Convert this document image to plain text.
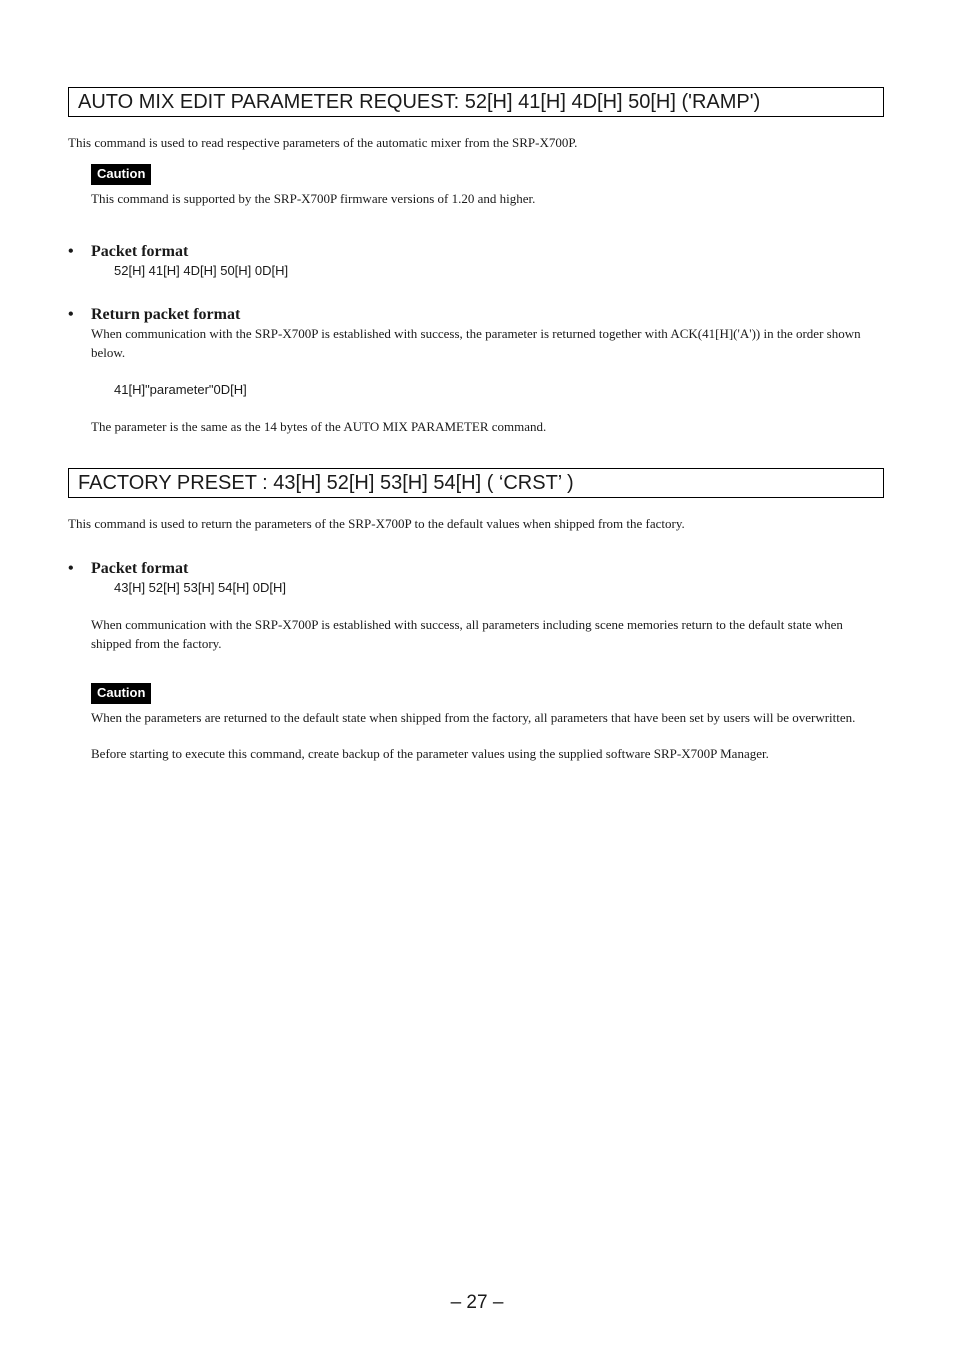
AUTO MIX EDIT PARAMETER REQUEST: 52[H] 41[H] 4D[H] 50[H] ('RAMP')
This command is used to read respective parameters of the automatic mixer from the SRP-X700P.
Caution
This command is supported by the SRP-X700P firmware versions of 1.20 and higher.
• Packet format
52[H] 41[H] 4D[H] 50[H] 0D[H]
• Return packet format
When communication with the SRP-X700P is established with success, the parameter is returned together with ACK(41[H]('A')) in the order shown below.
41[H]"parameter"0D[H]
The parameter is the same as the 14 bytes of the AUTO MIX PARAMETER command.
FACTORY PRESET : 43[H] 52[H] 53[H] 54[H] ( ‘CRST’ )
This command is used to return the parameters of the SRP-X700P to the default values when shipped from the factory.
• Packet format
43[H] 52[H] 53[H] 54[H] 0D[H]
When communication with the SRP-X700P is established with success, all parameters including scene memories return to the default state when shipped from the factory.
Caution
When the parameters are returned to the default state when shipped from the factory, all parameters that have been set by users will be overwritten.
Before starting to execute this command, create backup of the parameter values using the supplied software SRP-X700P Manager.
– 27 –
